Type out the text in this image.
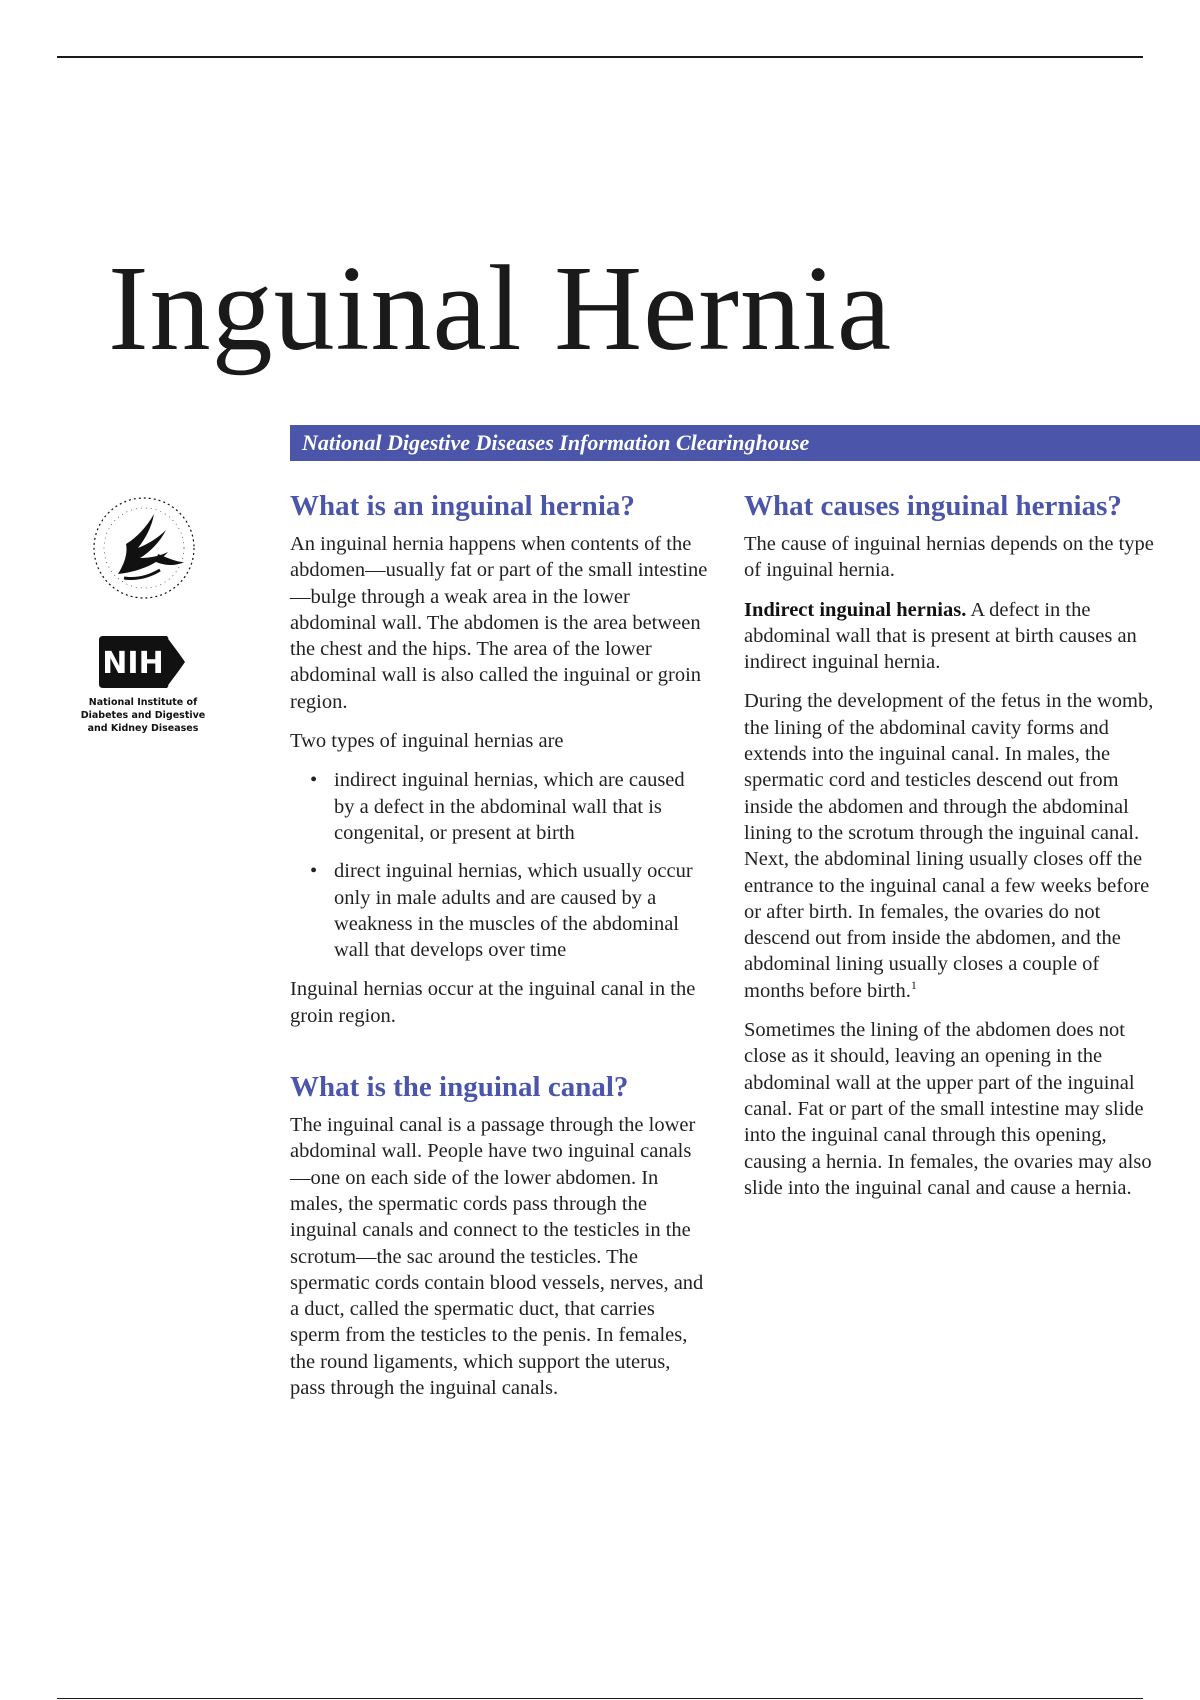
Inguinal Hernia
National Digestive Diseases Information Clearinghouse
NIH
National Institute of
Diabetes and Digestive
and Kidney Diseases
What is an inguinal hernia?

An inguinal hernia happens when contents of the abdomen—usually fat or part of the small intestine—bulge through a weak area in the lower abdominal wall. The abdomen is the area between the chest and the hips. The area of the lower abdominal wall is also called the inguinal or groin region.

Two types of inguinal hernias are

• indirect inguinal hernias, which are caused by a defect in the abdominal wall that is congenital, or present at birth
• direct inguinal hernias, which usually occur only in male adults and are caused by a weakness in the muscles of the abdominal wall that develops over time

Inguinal hernias occur at the inguinal canal in the groin region.

What is the inguinal canal?

The inguinal canal is a passage through the lower abdominal wall. People have two inguinal canals—one on each side of the lower abdomen. In males, the spermatic cords pass through the inguinal canals and connect to the testicles in the scrotum—the sac around the testicles. The spermatic cords contain blood vessels, nerves, and a duct, called the spermatic duct, that carries sperm from the testicles to the penis. In females, the round ligaments, which support the uterus, pass through the inguinal canals.

What causes inguinal hernias?

The cause of inguinal hernias depends on the type of inguinal hernia.

Indirect inguinal hernias. A defect in the abdominal wall that is present at birth causes an indirect inguinal hernia.

During the development of the fetus in the womb, the lining of the abdominal cavity forms and extends into the inguinal canal. In males, the spermatic cord and testicles descend out from inside the abdomen and through the abdominal lining to the scrotum through the inguinal canal. Next, the abdominal lining usually closes off the entrance to the inguinal canal a few weeks before or after birth. In females, the ovaries do not descend out from inside the abdomen, and the abdominal lining usually closes a couple of months before birth.$^1$

Sometimes the lining of the abdomen does not close as it should, leaving an opening in the abdominal wall at the upper part of the inguinal canal. Fat or part of the small intestine may slide into the inguinal canal through this opening, causing a hernia. In females, the ovaries may also slide into the inguinal canal and cause a hernia.
